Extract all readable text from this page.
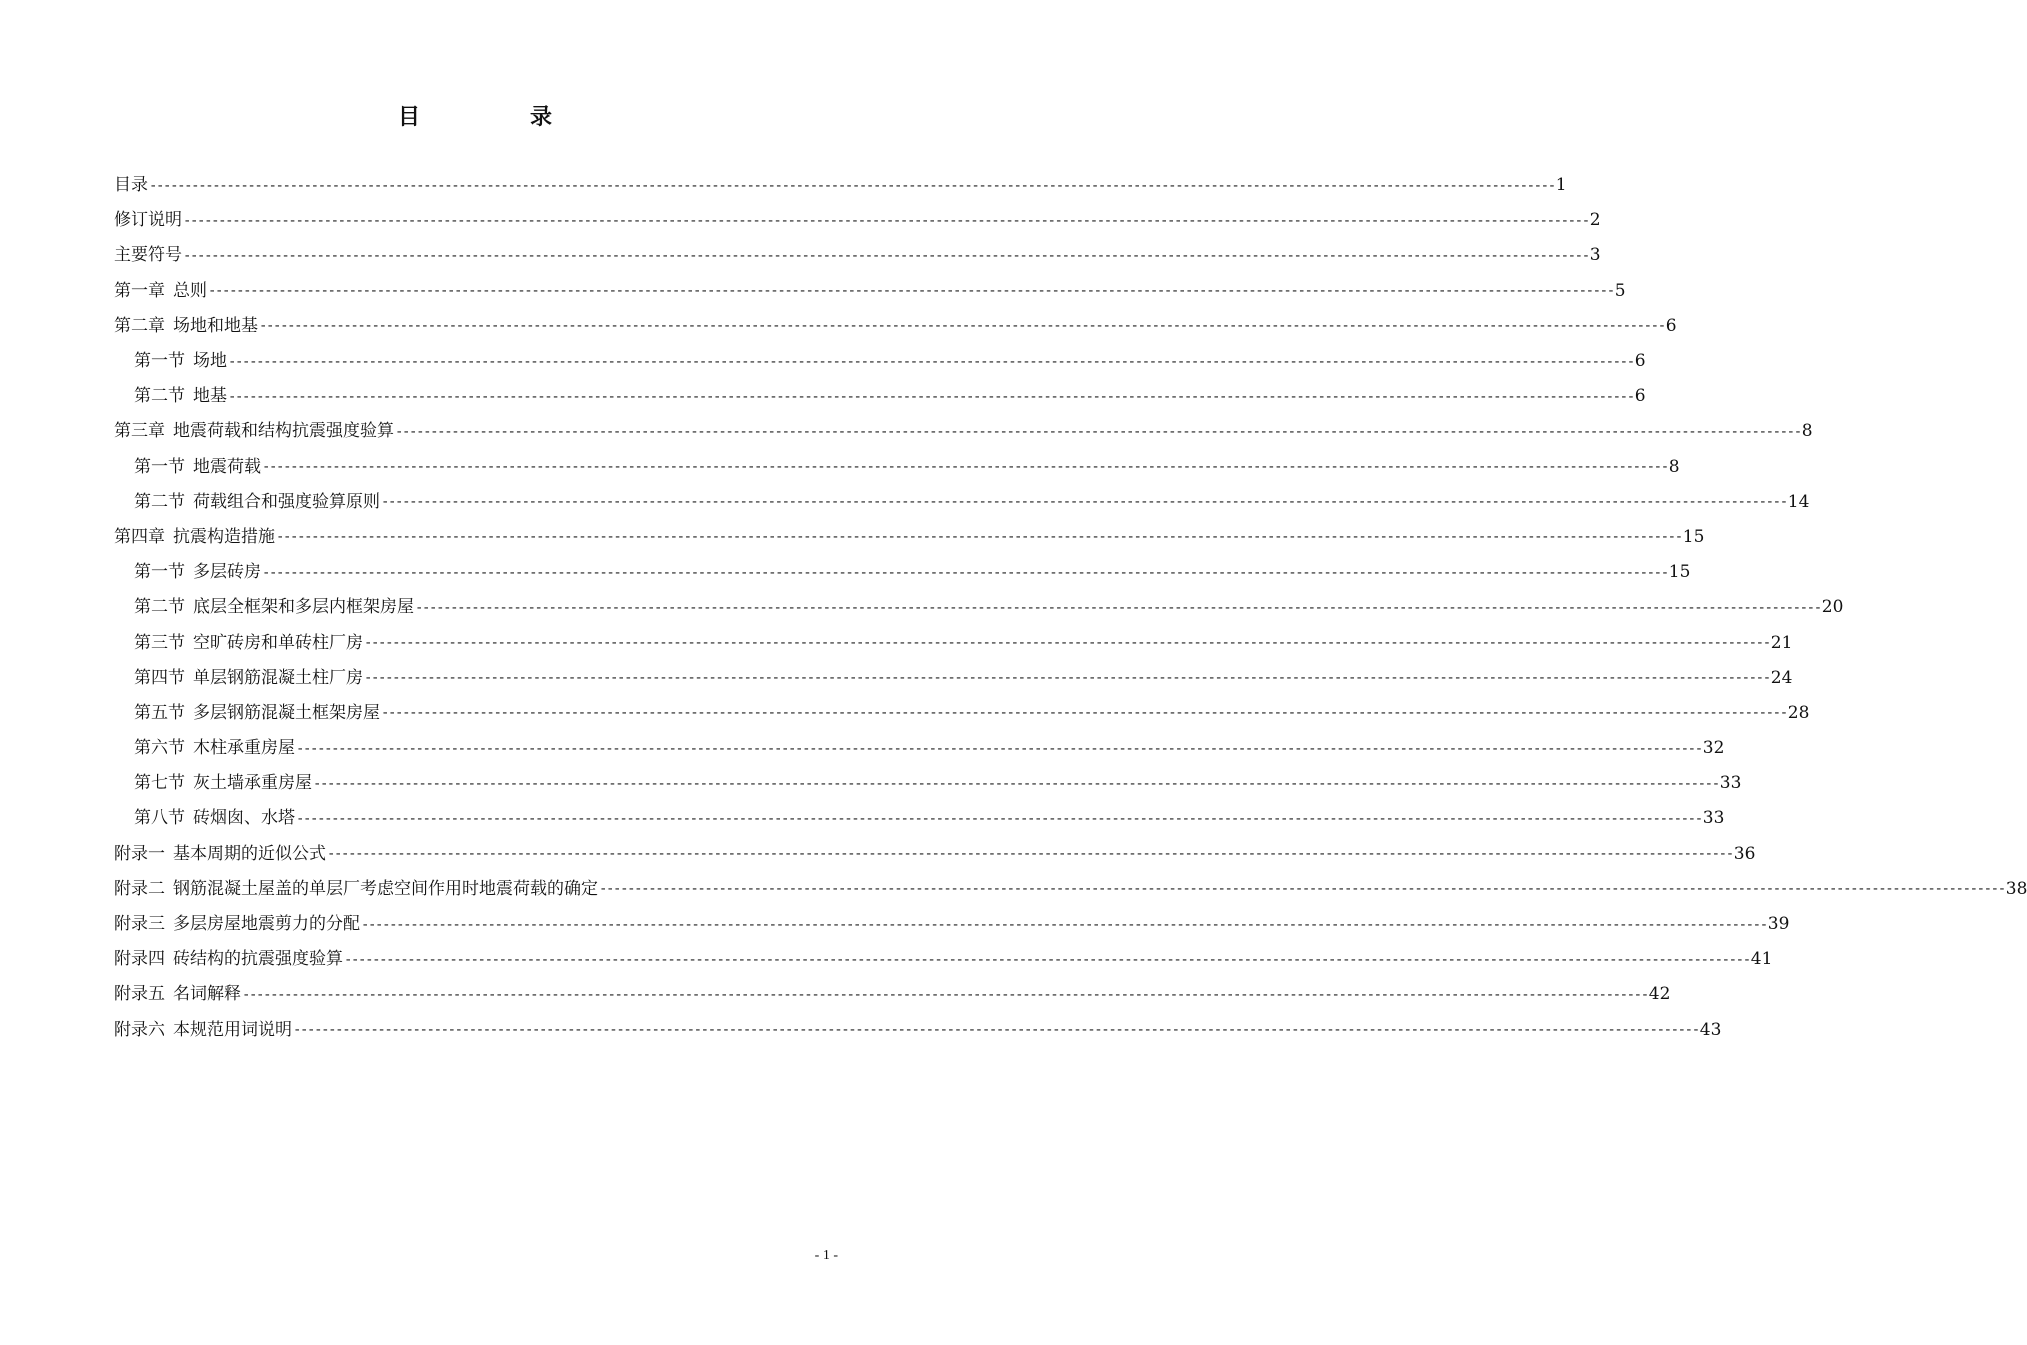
目　录
目录 -------------------------------------------------------------------------------------------------------------------------------------------------------------------------------------------------------- 1
修订说明 -------------------------------------------------------------------------------------------------------------------------------------------------------------------------------------------------------- 2
主要符号 -------------------------------------------------------------------------------------------------------------------------------------------------------------------------------------------------------- 3
第一章 总则 -------------------------------------------------------------------------------------------------------------------------------------------------------------------------------------------------------- 5
第二章 场地和地基 -------------------------------------------------------------------------------------------------------------------------------------------------------------------------------------------------------- 6
第一节 场地 -------------------------------------------------------------------------------------------------------------------------------------------------------------------------------------------------------- 6
第二节 地基 -------------------------------------------------------------------------------------------------------------------------------------------------------------------------------------------------------- 6
第三章 地震荷载和结构抗震强度验算 -------------------------------------------------------------------------------------------------------------------------------------------------------------------------------------------------------- 8
第一节 地震荷载 -------------------------------------------------------------------------------------------------------------------------------------------------------------------------------------------------------- 8
第二节 荷载组合和强度验算原则 -------------------------------------------------------------------------------------------------------------------------------------------------------------------------------------------------------- 14
第四章 抗震构造措施 -------------------------------------------------------------------------------------------------------------------------------------------------------------------------------------------------------- 15
第一节 多层砖房 -------------------------------------------------------------------------------------------------------------------------------------------------------------------------------------------------------- 15
第二节 底层全框架和多层内框架房屋 -------------------------------------------------------------------------------------------------------------------------------------------------------------------------------------------------------- 20
第三节 空旷砖房和单砖柱厂房 -------------------------------------------------------------------------------------------------------------------------------------------------------------------------------------------------------- 21
第四节 单层钢筋混凝土柱厂房 -------------------------------------------------------------------------------------------------------------------------------------------------------------------------------------------------------- 24
第五节 多层钢筋混凝土框架房屋 -------------------------------------------------------------------------------------------------------------------------------------------------------------------------------------------------------- 28
第六节 木柱承重房屋 -------------------------------------------------------------------------------------------------------------------------------------------------------------------------------------------------------- 32
第七节 灰土墙承重房屋 -------------------------------------------------------------------------------------------------------------------------------------------------------------------------------------------------------- 33
第八节 砖烟囱、水塔 -------------------------------------------------------------------------------------------------------------------------------------------------------------------------------------------------------- 33
附录一 基本周期的近似公式 -------------------------------------------------------------------------------------------------------------------------------------------------------------------------------------------------------- 36
附录二 钢筋混凝土屋盖的单层厂考虑空间作用时地震荷载的确定 -------------------------------------------------------------------------------------------------------------------------------------------------------------------------------------------------------- 38
附录三 多层房屋地震剪力的分配 -------------------------------------------------------------------------------------------------------------------------------------------------------------------------------------------------------- 39
附录四 砖结构的抗震强度验算 -------------------------------------------------------------------------------------------------------------------------------------------------------------------------------------------------------- 41
附录五 名词解释 -------------------------------------------------------------------------------------------------------------------------------------------------------------------------------------------------------- 42
附录六 本规范用词说明 -------------------------------------------------------------------------------------------------------------------------------------------------------------------------------------------------------- 43
- 1 -
